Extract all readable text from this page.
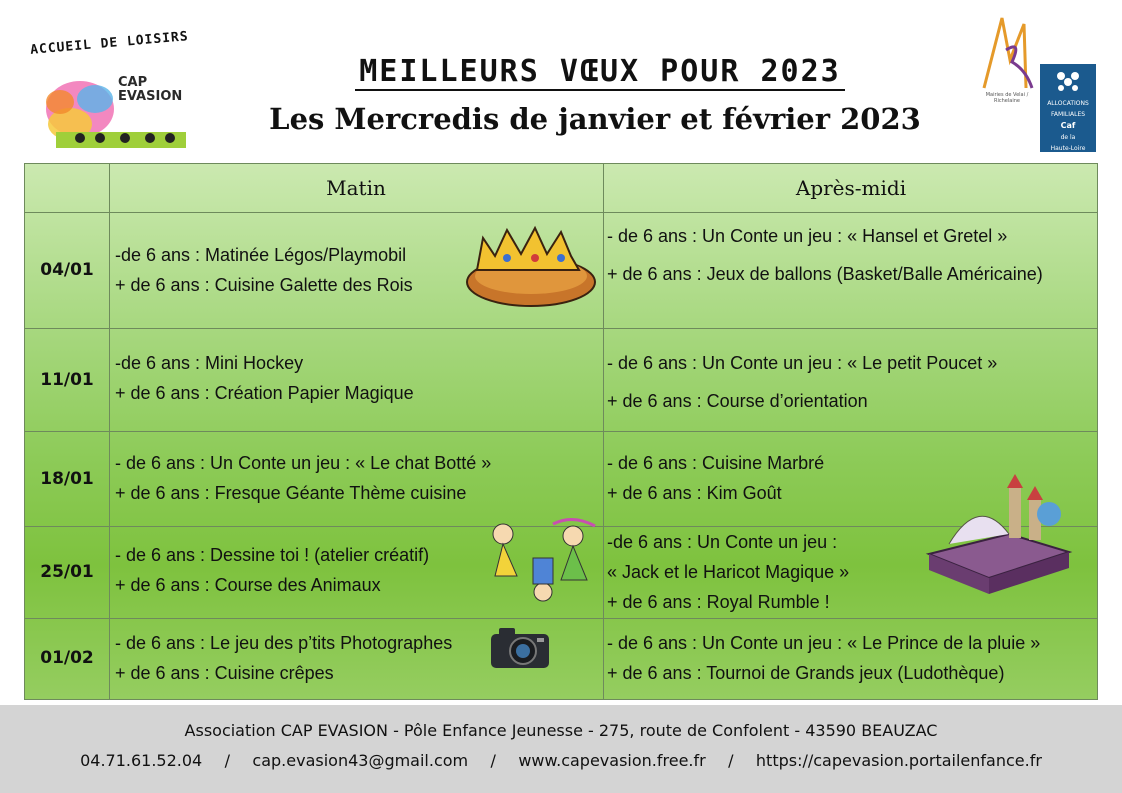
ACCUEIL DE LOISIRS
CAP
EVASION
MEILLEURS VŒUX POUR 2023
Les Mercredis de janvier et février 2023
Mairies de Velai / Richelaine	ALLOCATIONS
FAMILIALES
Caf
de la
Haute-Loire
Matin	Après-midi
04/01
-de 6 ans : Matinée Légos/Playmobil
+ de 6 ans : Cuisine Galette des Rois
- de 6 ans : Un Conte un jeu : « Hansel et Gretel »
+ de 6 ans : Jeux de ballons (Basket/Balle Américaine)
11/01
-de 6 ans : Mini Hockey
+ de 6 ans : Création Papier Magique
- de 6 ans : Un Conte un jeu : « Le petit Poucet »
+ de 6 ans : Course d’orientation
18/01
- de 6 ans : Un Conte un jeu : « Le chat Botté »
+ de 6 ans : Fresque Géante Thème cuisine
- de 6 ans : Cuisine Marbré
+ de 6 ans : Kim Goût
25/01
- de 6 ans : Dessine toi ! (atelier créatif)
+ de 6 ans : Course des Animaux
-de 6 ans : Un Conte un jeu :
« Jack et le Haricot Magique »
+ de 6 ans : Royal Rumble !
01/02
- de 6 ans : Le jeu des p’tits Photographes
+ de 6 ans : Cuisine crêpes
- de 6 ans : Un Conte un jeu : « Le Prince de la pluie »
+ de 6 ans : Tournoi de Grands jeux (Ludothèque)
Association CAP EVASION - Pôle Enfance Jeunesse - 275, route de Confolent - 43590 BEAUZAC
04.71.61.52.04 / cap.evasion43@gmail.com / www.capevasion.free.fr / https://capevasion.portailenfance.fr
